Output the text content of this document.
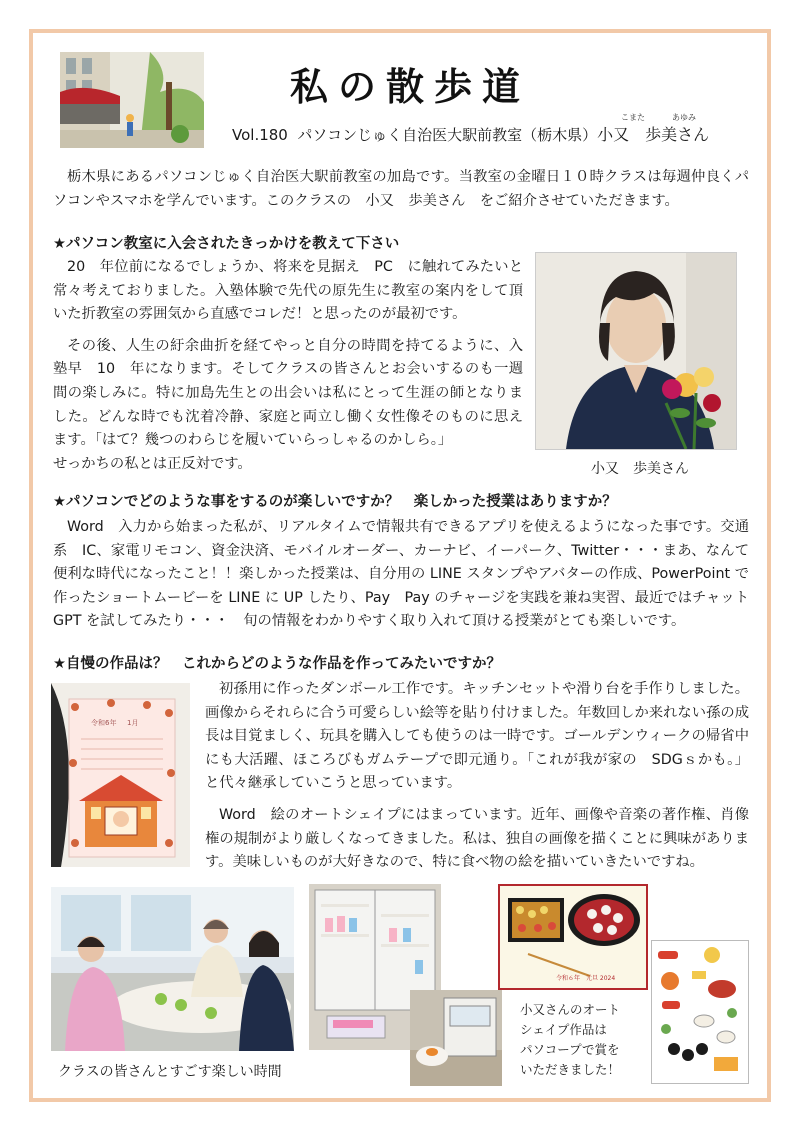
私の散歩道
こまた	あゆみ
Vol.180 パソコンじゅく自治医大駅前教室（栃木県）小又　歩美さん
栃木県にあるパソコンじゅく自治医大駅前教室の加島です。当教室の金曜日１０時クラスは毎週仲良くパソコンやスマホを学んでいます。このクラスの　小又　歩美さん　をご紹介させていただきます。
★パソコン教室に入会されたきっかけを教えて下さい

20　年位前になるでしょうか、将来を見据え　PC　に触れてみたいと常々考えておりました。入塾体験で先代の原先生に教室の案内をして頂いた折教室の雰囲気から直感でコレだ！と思ったのが最初です。

その後、人生の紆余曲折を経てやっと自分の時間を持てるように、入塾早　10　年になります。そしてクラスの皆さんとお会いするのも一週間の楽しみに。特に加島先生との出会いは私にとって生涯の師となりました。どんな時でも沈着冷静、家庭と両立し働く女性像そのものに思えます。「はて？幾つのわらじを履いていらっしゃるのかしら。」

せっかちの私とは正反対です。	小又　歩美さん
★パソコンでどのような事をするのが楽しいですか？　楽しかった授業はありますか？
Word　入力から始まった私が、リアルタイムで情報共有できるアプリを使えるようになった事です。交通系　IC、家電リモコン、資金決済、モバイルオーダー、カーナビ、イーパーク、Twitter・・・まあ、なんて便利な時代になったこと！！楽しかった授業は、自分用の LINE スタンプやアバターの作成、PowerPoint で作ったショートムービーを LINE に UP したり、Pay　Pay のチャージを実践を兼ね実習、最近ではチャット GPT を試してみたり・・・　旬の情報をわかりやすく取り入れて頂ける授業がとても楽しいです。
★自慢の作品は？　これからどのような作品を作ってみたいですか？
令和6年 1月

初孫用に作ったダンボール工作です。キッチンセットや滑り台を手作りしました。画像からそれらに合う可愛らしい絵等を貼り付けました。年数回しか来れない孫の成長は目覚ましく、玩具を購入しても使うのは一時です。ゴールデンウィークの帰省中にも大活躍、ほころびもガムテープで即元通り。「これが我が家の　SDGｓかも。」と代々継承していこうと思っています。

Word　絵のオートシェイプにはまっています。近年、画像や音楽の著作権、肖像権の規制がより厳しくなってきました。私は、独自の画像を描くことに興味があります。美味しいものが大好きなので、特に食べ物の絵を描いていきたいですね。

クラスの皆さんとすごす楽しい時間
令和６年　元旦 2024
小又さんのオート
シェイプ作品は
パソコープで賞を
いただきました！
